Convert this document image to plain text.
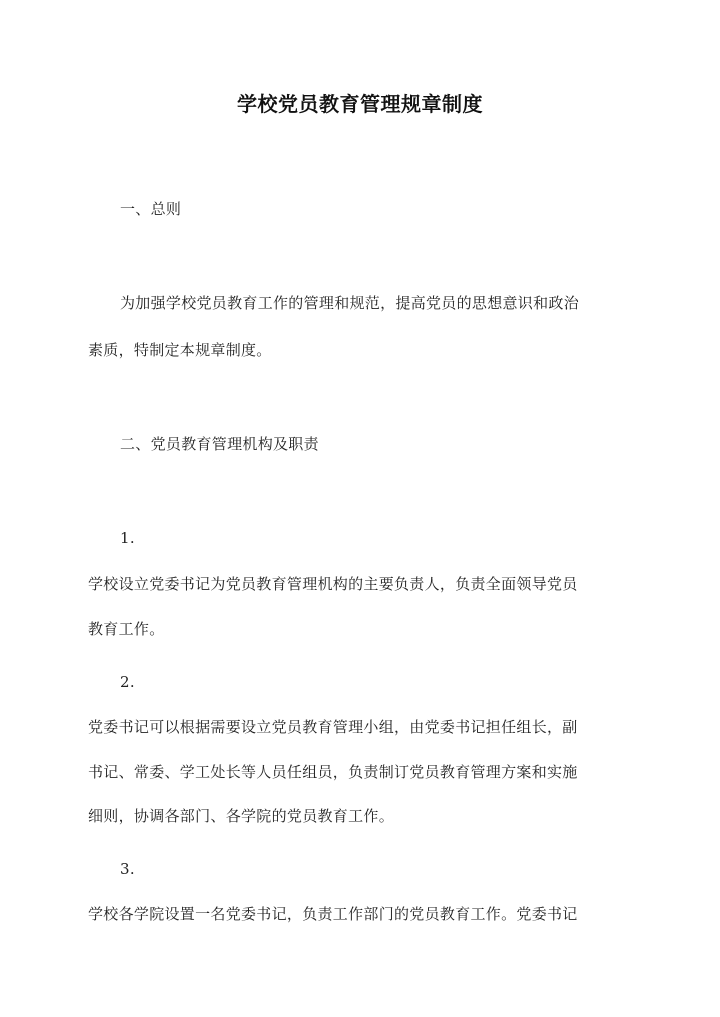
学校党员教育管理规章制度
一、总则
为加强学校党员教育工作的管理和规范，提高党员的思想意识和政治
素质，特制定本规章制度。
二、党员教育管理机构及职责
1.
学校设立党委书记为党员教育管理机构的主要负责人，负责全面领导党员
教育工作。
2.
党委书记可以根据需要设立党员教育管理小组，由党委书记担任组长，副
书记、常委、学工处长等人员任组员，负责制订党员教育管理方案和实施
细则，协调各部门、各学院的党员教育工作。
3.
学校各学院设置一名党委书记，负责工作部门的党员教育工作。党委书记
